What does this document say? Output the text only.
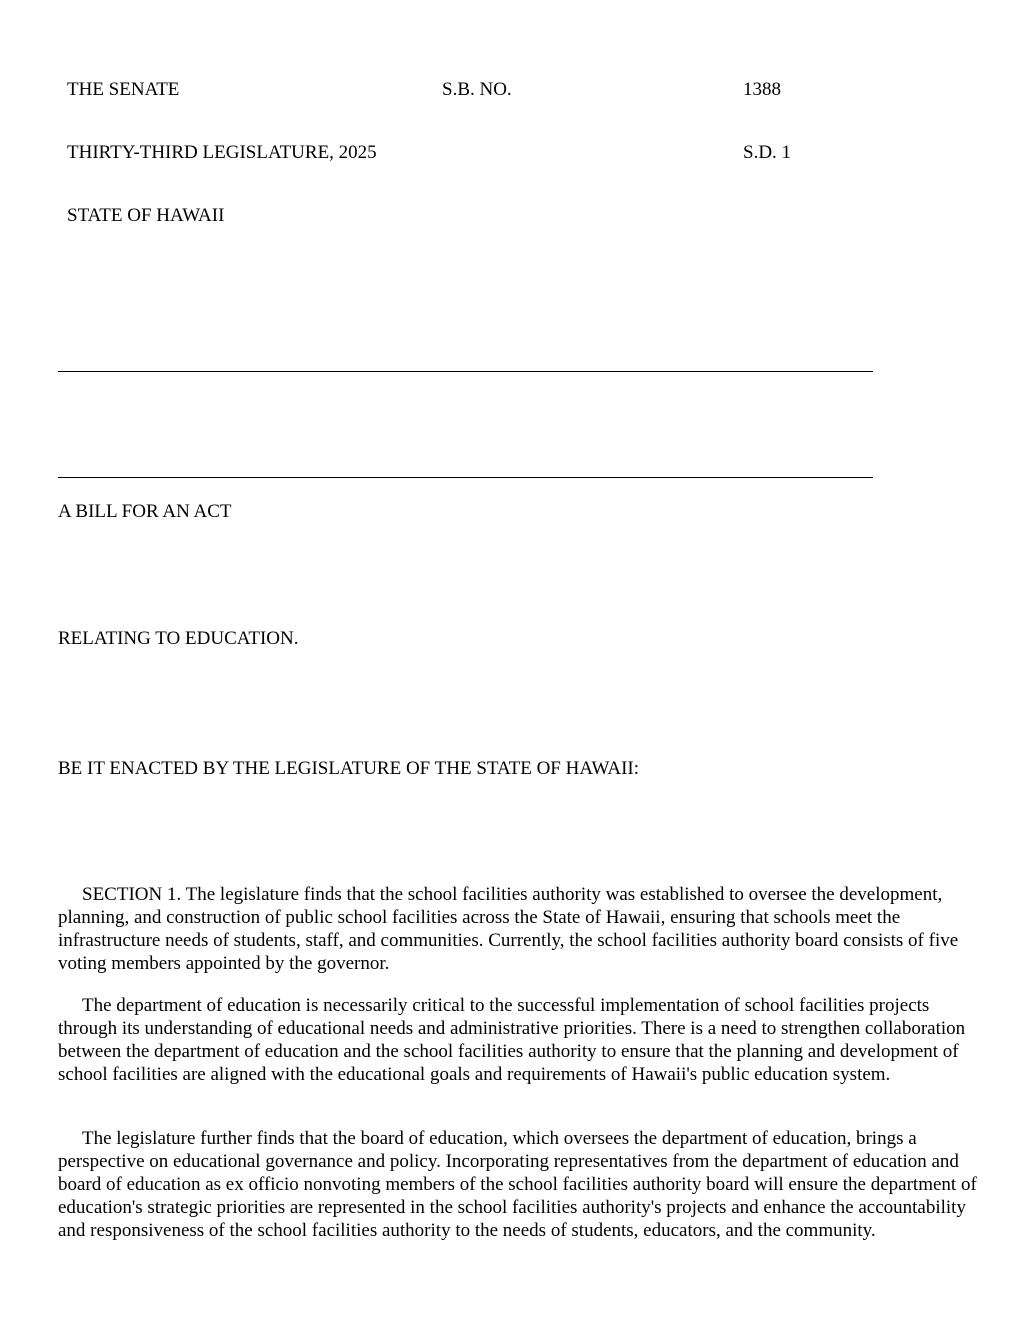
THE SENATE	S.B. NO.	1388
THIRTY-THIRD LEGISLATURE, 2025	S.D. 1
STATE OF HAWAII
A BILL FOR AN ACT
RELATING TO EDUCATION.
BE IT ENACTED BY THE LEGISLATURE OF THE STATE OF HAWAII:

SECTION 1. The legislature finds that the school facilities authority was established to oversee the development, planning, and construction of public school facilities across the State of Hawaii, ensuring that schools meet the infrastructure needs of students, staff, and communities. Currently, the school facilities authority board consists of five voting members appointed by the governor.

The department of education is necessarily critical to the successful implementation of school facilities projects through its understanding of educational needs and administrative priorities. There is a need to strengthen collaboration between the department of education and the school facilities authority to ensure that the planning and development of school facilities are aligned with the educational goals and requirements of Hawaii's public education system.

The legislature further finds that the board of education, which oversees the department of education, brings a perspective on educational governance and policy. Incorporating representatives from the department of education and board of education as ex officio nonvoting members of the school facilities authority board will ensure the department of education's strategic priorities are represented in the school facilities authority's projects and enhance the accountability and responsiveness of the school facilities authority to the needs of students, educators, and the community.
